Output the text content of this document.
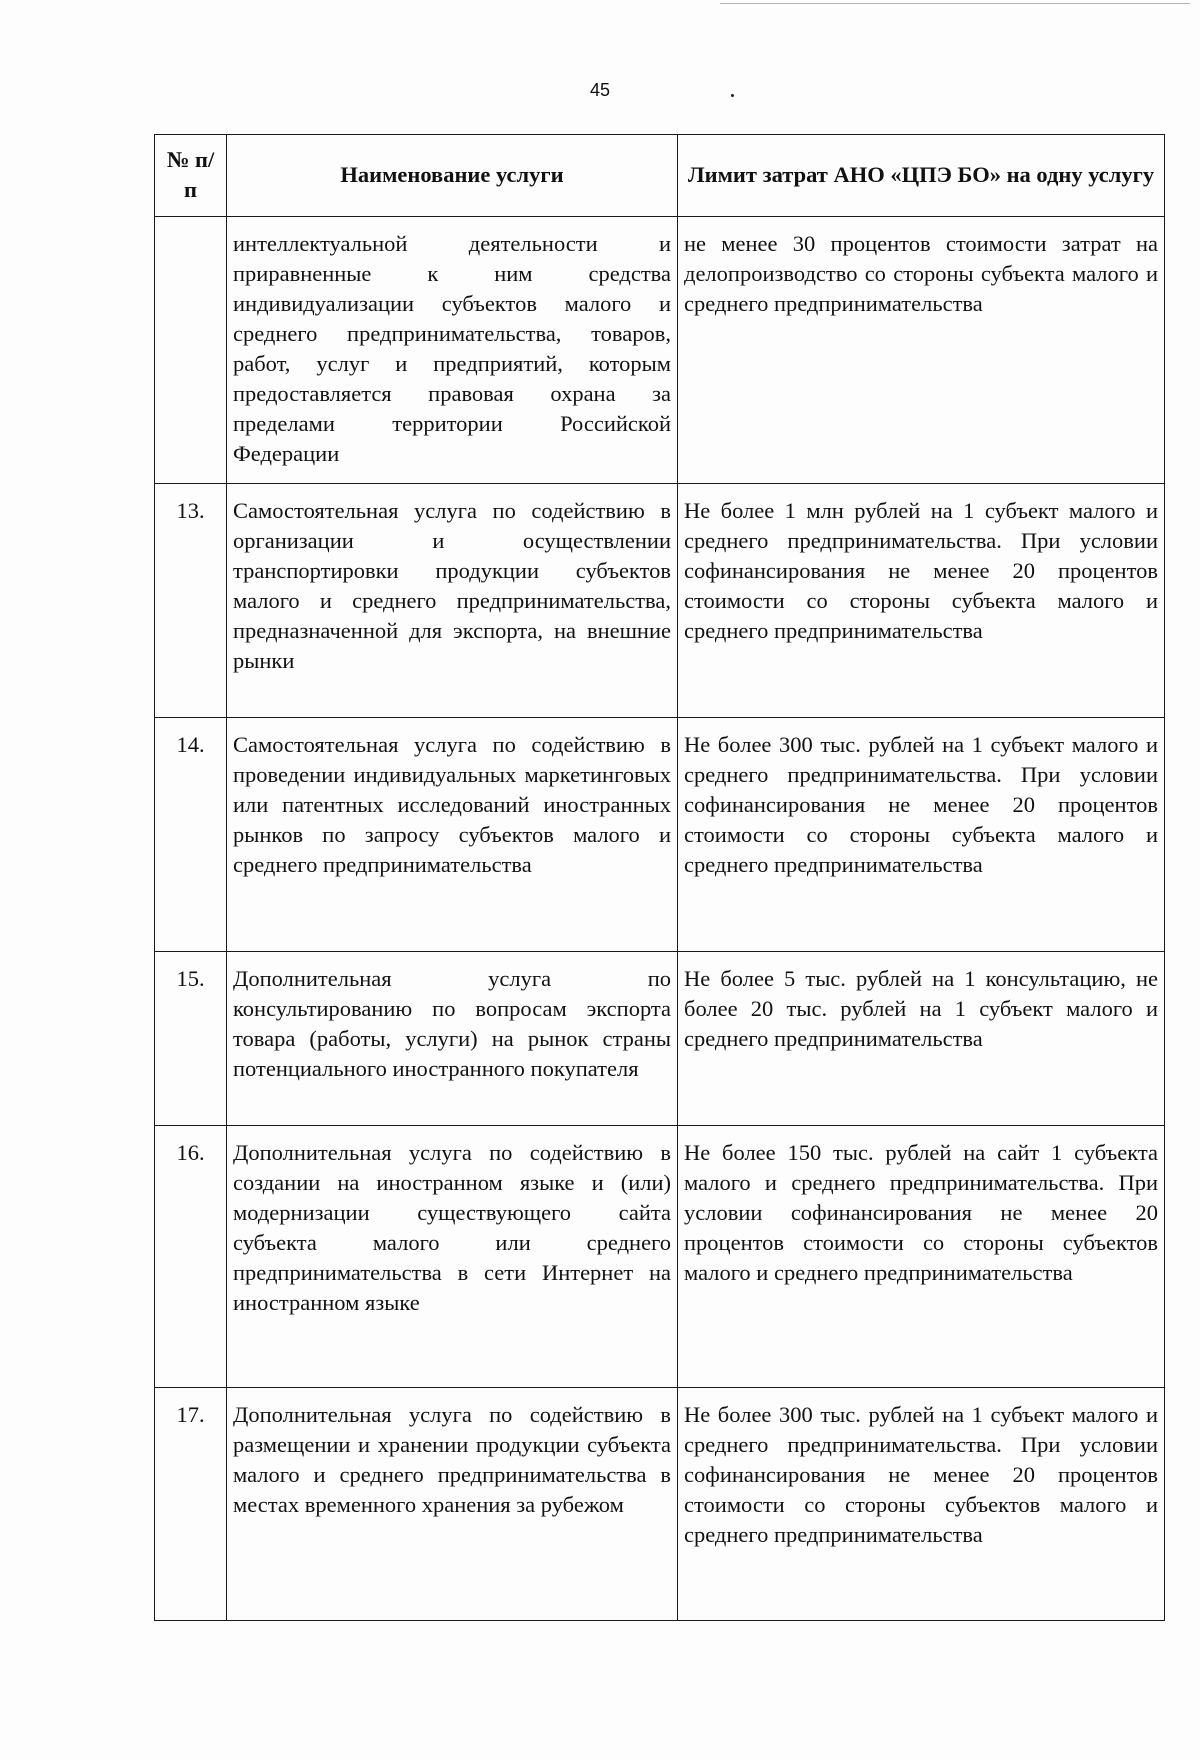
45
№ п/п	Наименование услуги	Лимит затрат АНО «ЦПЭ БО» на одну услугу
	интеллектуальной деятельности и приравненные к ним средства индивидуализации субъектов малого и среднего предпринимательства, товаров, работ, услуг и предприятий, которым предоставляется правовая охрана за пределами территории Российской Федерации	не менее 30 процентов стоимости затрат на делопроизводство со стороны субъекта малого и среднего предпринимательства
13.	Самостоятельная услуга по содействию в организации и осуществлении транспортировки продукции субъектов малого и среднего предпринимательства, предназначенной для экспорта, на внешние рынки	Не более 1 млн рублей на 1 субъект малого и среднего предпринимательства. При условии софинансирования не менее 20 процентов стоимости со стороны субъекта малого и среднего предпринимательства
14.	Самостоятельная услуга по содействию в проведении индивидуальных маркетинговых или патентных исследований иностранных рынков по запросу субъектов малого и среднего предпринимательства	Не более 300 тыс. рублей на 1 субъект малого и среднего предпринимательства. При условии софинансирования не менее 20 процентов стоимости со стороны субъекта малого и среднего предпринимательства
15.	Дополнительная услуга по консультированию по вопросам экспорта товара (работы, услуги) на рынок страны потенциального иностранного покупателя	Не более 5 тыс. рублей на 1 консультацию, не более 20 тыс. рублей на 1 субъект малого и среднего предпринимательства
16.	Дополнительная услуга по содействию в создании на иностранном языке и (или) модернизации существующего сайта субъекта малого или среднего предпринимательства в сети Интернет на иностранном языке	Не более 150 тыс. рублей на сайт 1 субъекта малого и среднего предпринимательства. При условии софинансирования не менее 20 процентов стоимости со стороны субъектов малого и среднего предпринимательства
17.	Дополнительная услуга по содействию в размещении и хранении продукции субъекта малого и среднего предпринимательства в местах временного хранения за рубежом	Не более 300 тыс. рублей на 1 субъект малого и среднего предпринимательства. При условии софинансирования не менее 20 процентов стоимости со стороны субъектов малого и среднего предпринимательства
